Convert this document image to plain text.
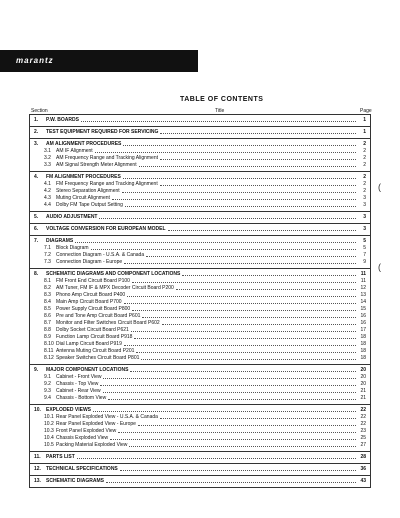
marantz
TABLE OF CONTENTS
Section	Title	Page
1.	P.W. BOARDS	1
2.	TEST EQUIPMENT REQUIRED FOR SERVICING	1
3.	AM ALIGNMENT PROCEDURES	2
3.1	AM IF Alignment	2
3.2	AM Frequency Range and Tracking Alignment	2
3.3	AM Signal Strength Meter Alignment	2
4.	FM ALIGNMENT PROCEDURES	2
4.1	FM Frequency Range and Tracking Alignment	2
4.2	Stereo Separation Alignment	2
4.3	Muting Circuit Alignment	3
4.4	Dolby FM Tape Output Setting	3
5.	AUDIO ADJUSTMENT	3
6.	VOLTAGE CONVERSION FOR EUROPEAN MODEL	3
7.	DIAGRAMS	5
7.1	Block Diagram	5
7.2	Connection Diagram - U.S.A. & Canada	7
7.3	Connection Diagram - Europe	9
8.	SCHEMATIC DIAGRAMS AND COMPONENT LOCATIONS	11
8.1	FM Front End Circuit Board P100	11
8.2	AM Tuner, FM IF & MPX Decoder Circuit Board P200	12
8.3	Phono Amp Circuit Board P400	13
8.4	Main Amp Circuit Board P700	14
8.5	Power Supply Circuit Board P800	15
8.6	Pre and Tone Amp Circuit Board P601	16
8.7	Monitor and Filter Switches Circuit Board P602	16
8.8	Dolby Socket Circuit Board P621	17
8.9	Function Lamp Circuit Board P918	18
8.10 Dial Lamp Circuit Board P919	18
8.11 Antenna Muting Circuit Board P201	18
8.12 Speaker Switches Circuit Board P801	18
9.	MAJOR COMPONENT LOCATIONS	20
9.1	Cabinet - Front View	20
9.2	Chassis - Top View	20
9.3	Cabinet - Rear View	21
9.4	Chassis - Bottom View	21
10.	EXPLODED VIEWS	22
10.1 Rear Panel Exploded View - U.S.A. & Canada	22
10.2 Rear Panel Exploded View - Europe	22
10.3 Front Panel Exploded View	23
10.4 Chassis Exploded View	25
10.5 Packing Material Exploded View	27
11.	PARTS LIST	28
12.	TECHNICAL SPECIFICATIONS	36
13.	SCHEMATIC DIAGRAMS	43
(
(
